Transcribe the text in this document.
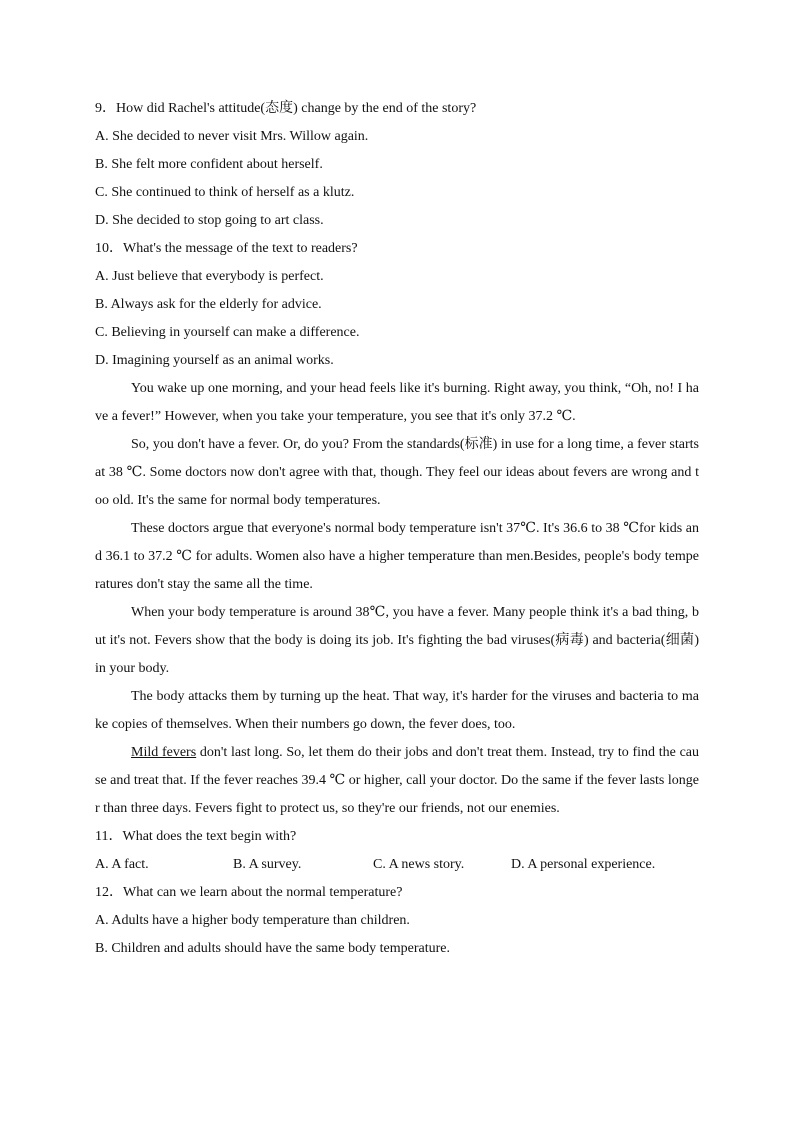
9．How did Rachel's attitude(态度) change by the end of the story?

A. She decided to never visit Mrs. Willow again.

B. She felt more confident about herself.

C. She continued to think of herself as a klutz.

D. She decided to stop going to art class.

10．What's the message of the text to readers?

A. Just believe that everybody is perfect.

B. Always ask for the elderly for advice.

C. Believing in yourself can make a difference.

D. Imagining yourself as an animal works.

You wake up one morning, and your head feels like it's burning. Right away, you think, “Oh, no! I have a fever!” However, when you take your temperature, you see that it's only 37.2 ℃.

So, you don't have a fever. Or, do you? From the standards(标准) in use for a long time, a fever starts at 38 ℃. Some doctors now don't agree with that, though. They feel our ideas about fevers are wrong and too old. It's the same for normal body temperatures.

These doctors argue that everyone's normal body temperature isn't 37℃. It's 36.6 to 38 ℃for kids and 36.1 to 37.2 ℃ for adults. Women also have a higher temperature than men.Besides, people's body temperatures don't stay the same all the time.

When your body temperature is around 38℃, you have a fever. Many people think it's a bad thing, but it's not. Fevers show that the body is doing its job. It's fighting the bad viruses(病毒) and bacteria(细菌) in your body.

The body attacks them by turning up the heat. That way, it's harder for the viruses and bacteria to make copies of themselves. When their numbers go down, the fever does, too.

Mild fevers don't last long. So, let them do their jobs and don't treat them. Instead, try to find the cause and treat that. If the fever reaches 39.4 ℃ or higher, call your doctor. Do the same if the fever lasts longer than three days. Fevers fight to protect us, so they're our friends, not our enemies.

11．What does the text begin with?

A. A fact.	B. A survey.	C. A news story.	D. A personal experience.

12．What can we learn about the normal temperature?

A. Adults have a higher body temperature than children.

B. Children and adults should have the same body temperature.
